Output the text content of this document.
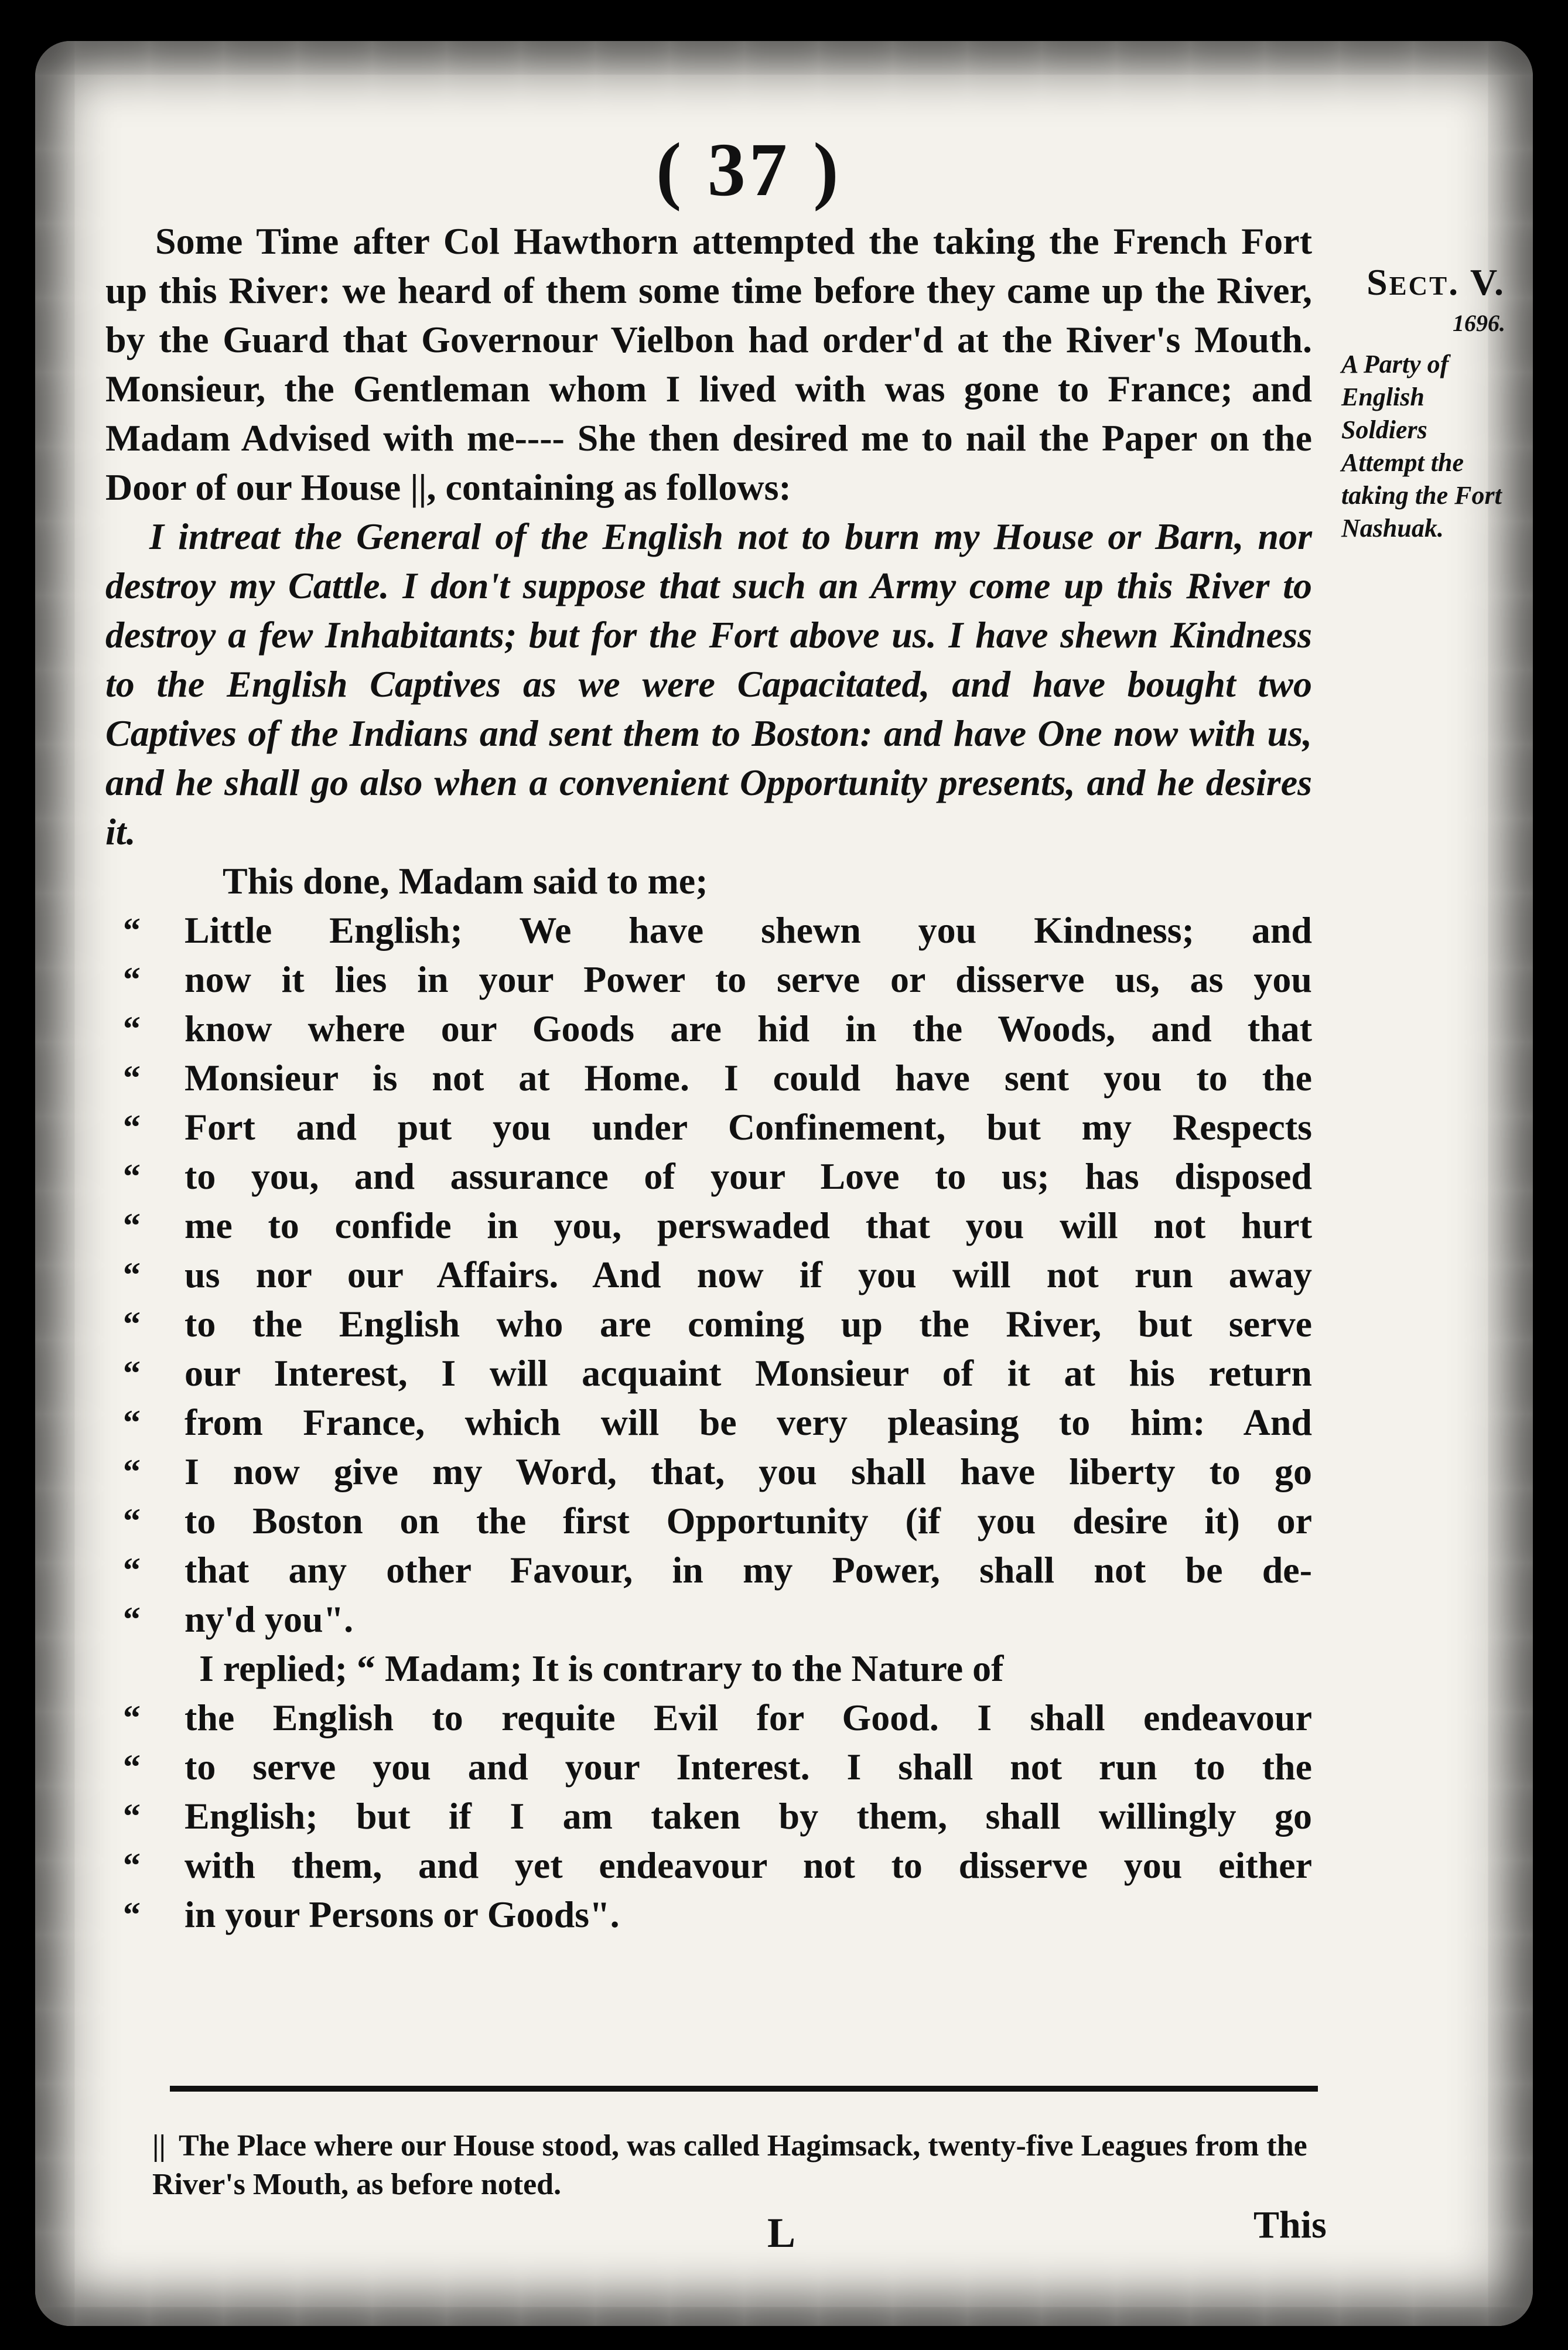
( 37 )
Sect. V.
1696.
A Party of English Soldiers Attempt the taking the Fort Nashuak.

Some Time after Col Hawthorn attempted the taking the French Fort up this River: we heard of them some time before they came up the River, by the Guard that Governour Vielbon had order'd at the River's Mouth. Monsieur, the Gentleman whom I lived with was gone to France; and Madam Advised with me---- She then desired me to nail the Paper on the Door of our House ||, containing as follows:

I intreat the General of the English not to burn my House or Barn, nor destroy my Cattle. I don't suppose that such an Army come up this River to destroy a few Inhabitants; but for the Fort above us. I have shewn Kindness to the English Captives as we were Capacitated, and have bought two Captives of the Indians and sent them to Boston: and have One now with us, and he shall go also when a convenient Opportunity presents, and he desires it.

This done, Madam said to me;

“ Little English; We have shewn you Kindness; and
“ now it lies in your Power to serve or disserve us, as you
“ know where our Goods are hid in the Woods, and that
“ Monsieur is not at Home. I could have sent you to the
“ Fort and put you under Confinement, but my Respects
“ to you, and assurance of your Love to us; has disposed
“ me to confide in you, perswaded that you will not hurt
“ us nor our Affairs. And now if you will not run away
“ to the English who are coming up the River, but serve
“ our Interest, I will acquaint Monsieur of it at his return
“ from France, which will be very pleasing to him: And
“ I now give my Word, that, you shall have liberty to go
“ to Boston on the first Opportunity (if you desire it) or
“ that any other Favour, in my Power, shall not be de-
“ ny'd you".

I replied; “ Madam; It is contrary to the Nature of

“ the English to requite Evil for Good. I shall endeavour
“ to serve you and your Interest. I shall not run to the
“ English; but if I am taken by them, shall willingly go
“ with them, and yet endeavour not to disserve you either
“ in your Persons or Goods".
|| The Place where our House stood, was called Hagimsack, twenty-five Leagues from the River's Mouth, as before noted.
L	This
